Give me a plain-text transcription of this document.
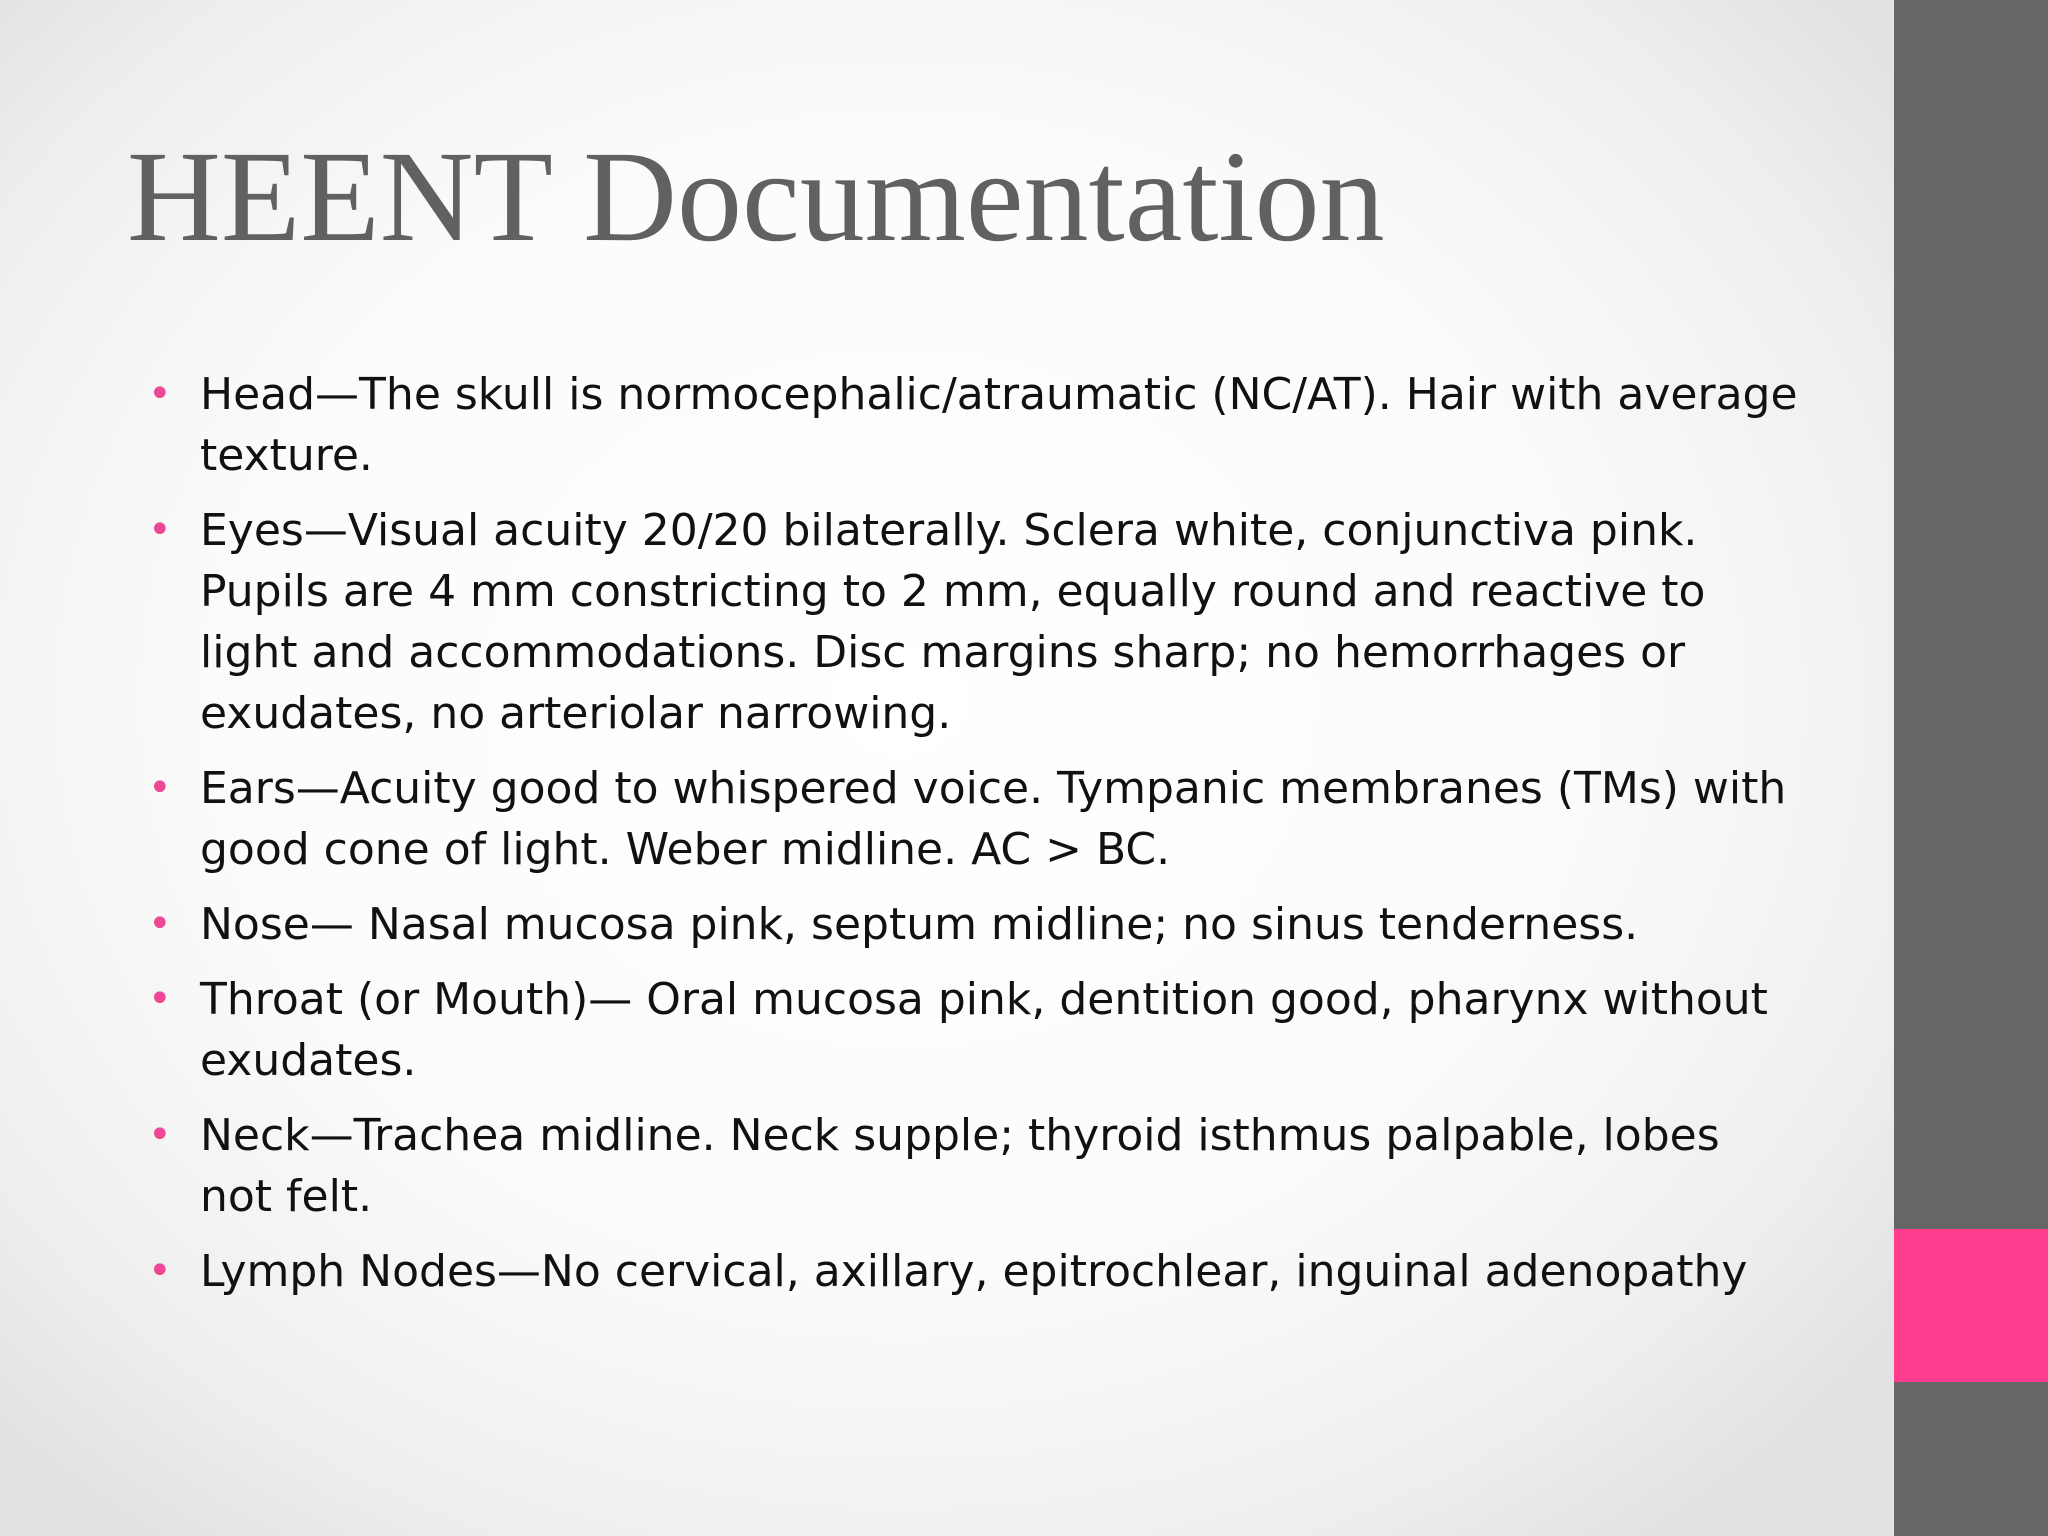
HEENT Documentation
• Head—The skull is normocephalic/atraumatic (NC/AT). Hair with average texture.
• Eyes—Visual acuity 20/20 bilaterally. Sclera white, conjunctiva pink. Pupils are 4 mm constricting to 2 mm, equally round and reactive to light and accommodations. Disc margins sharp; no hemorrhages or exudates, no arteriolar narrowing.
• Ears—Acuity good to whispered voice. Tympanic membranes (TMs) with good cone of light. Weber midline. AC > BC.
• Nose— Nasal mucosa pink, septum midline; no sinus tenderness.
• Throat (or Mouth)— Oral mucosa pink, dentition good, pharynx without exudates.
• Neck—Trachea midline. Neck supple; thyroid isthmus palpable, lobes not felt.
• Lymph Nodes—No cervical, axillary, epitrochlear, inguinal adenopathy
